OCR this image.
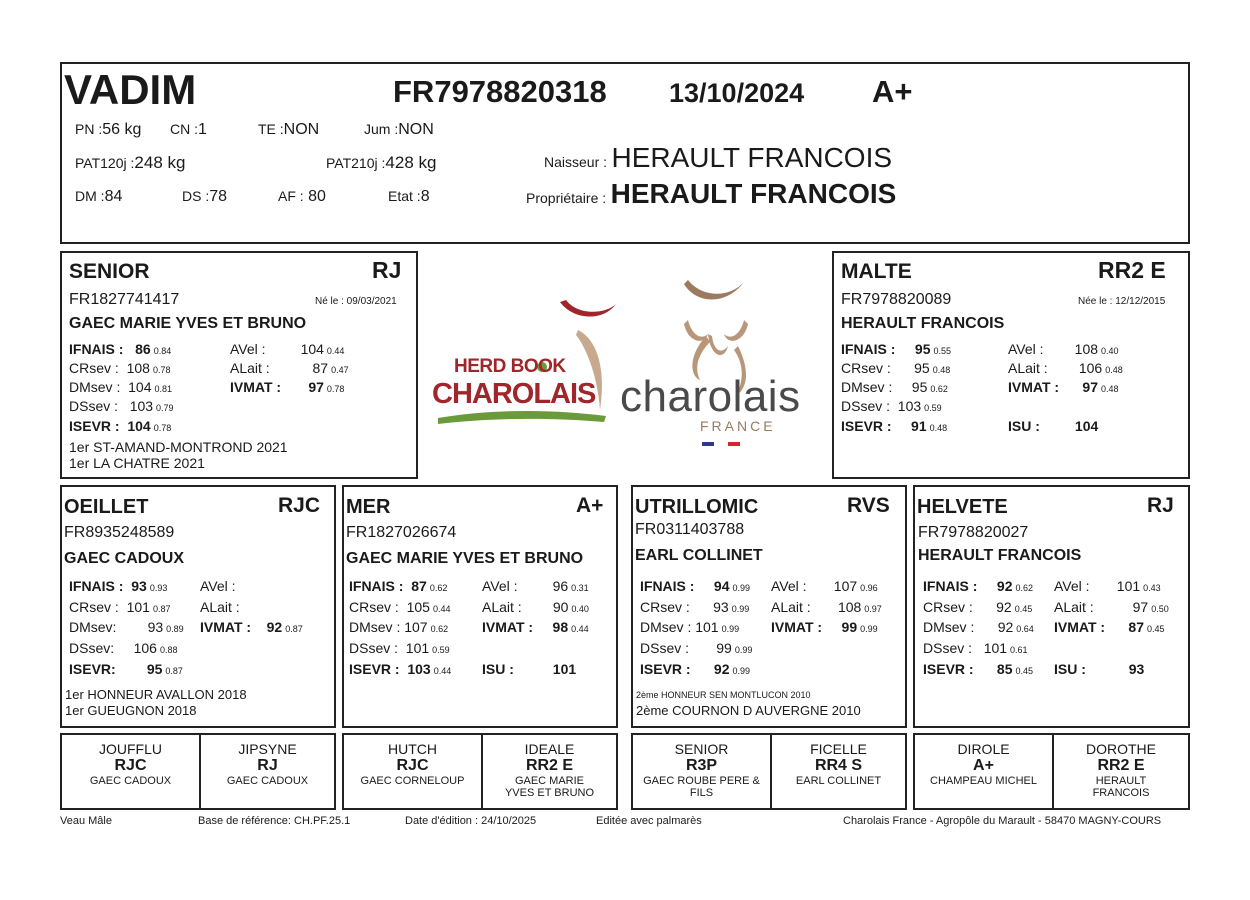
VADIM	FR7978820318 13/10/2024 A+
PN :56 kg CN :1	TE :NON	Jum :NON
PAT120j :248 kg	PAT210j :428 kg
DM :84	DS :78	AF : 80	Etat :8
Naisseur : HERAULT FRANCOIS
Propriétaire : HERAULT FRANCOIS
SENIOR	RJ
FR1827741417	Né le : 09/03/2021
GAEC MARIE YVES ET BRUNO
IFNAIS : 86 0.84
CRsev : 108 0.78
DMsev : 104 0.81
DSsev : 103 0.79
ISEVR : 104 0.78
AVel :	104 0.44
ALait :	87 0.47
IVMAT : 97 0.78
1er ST-AMAND-MONTROND 2021
1er LA CHATRE 2021
HERD BOOK
CHAROLAIS charolais
FRANCE
MALTE	RR2 E
FR7978820089	Née le : 12/12/2015
HERAULT FRANCOIS
IFNAIS : 95 0.55
CRsev : 95 0.48
DMsev : 95 0.62
DSsev : 103 0.59
ISEVR : 91 0.48
AVel : 108 0.40
ALait : 106 0.48
IVMAT : 97 0.48
ISU :	104
OEILLET	RJC
FR8935248589
GAEC CADOUX
IFNAIS : 93 0.93
CRsev : 101 0.87
DMsev: 93 0.89
DSsev: 106 0.88
ISEVR: 95 0.87
AVel :
ALait :
IVMAT : 92 0.87
1er HONNEUR AVALLON 2018
1er GUEUGNON 2018
MER	A+
FR1827026674
GAEC MARIE YVES ET BRUNO
IFNAIS : 87 0.62
CRsev : 105 0.44
DMsev : 107 0.62
DSsev : 101 0.59
ISEVR : 103 0.44
AVel :	96 0.31
ALait : 90 0.40
IVMAT : 98 0.44
ISU :	101
UTRILLOMIC	RVS
FR0311403788
EARL COLLINET
IFNAIS : 94 0.99
CRsev : 93 0.99
DMsev : 101 0.99
DSsev : 99 0.99
ISEVR : 92 0.99
AVel : 107 0.96
ALait : 108 0.97
IVMAT : 99 0.99
2ème HONNEUR SEN MONTLUCON 2010
2ème COURNON D AUVERGNE 2010
HELVETE	RJ
FR7978820027
HERAULT FRANCOIS
IFNAIS : 92 0.62
CRsev : 92 0.45
DMsev : 92 0.64
DSsev : 101 0.61
ISEVR : 85 0.45
AVel : 101 0.43
ALait :	97 0.50
IVMAT : 87 0.45
ISU :	93
JOUFFLU
RJC
GAEC CADOUX
JIPSYNE
RJ
GAEC CADOUX
HUTCH
RJC
GAEC CORNELOUP
IDEALE
RR2 E
GAEC MARIE YVES ET BRUNO
SENIOR
R3P
GAEC ROUBE PERE & FILS
FICELLE
RR4 S
EARL COLLINET
DIROLE
A+
CHAMPEAU MICHEL
DOROTHE
RR2 E
HERAULT FRANCOIS
Veau Mâle	Base de référence: CH.PF.25.1	Date d'édition : 24/10/2025	Editée avec palmarès	Charolais France - Agropôle du Marault - 58470 MAGNY-COURS
